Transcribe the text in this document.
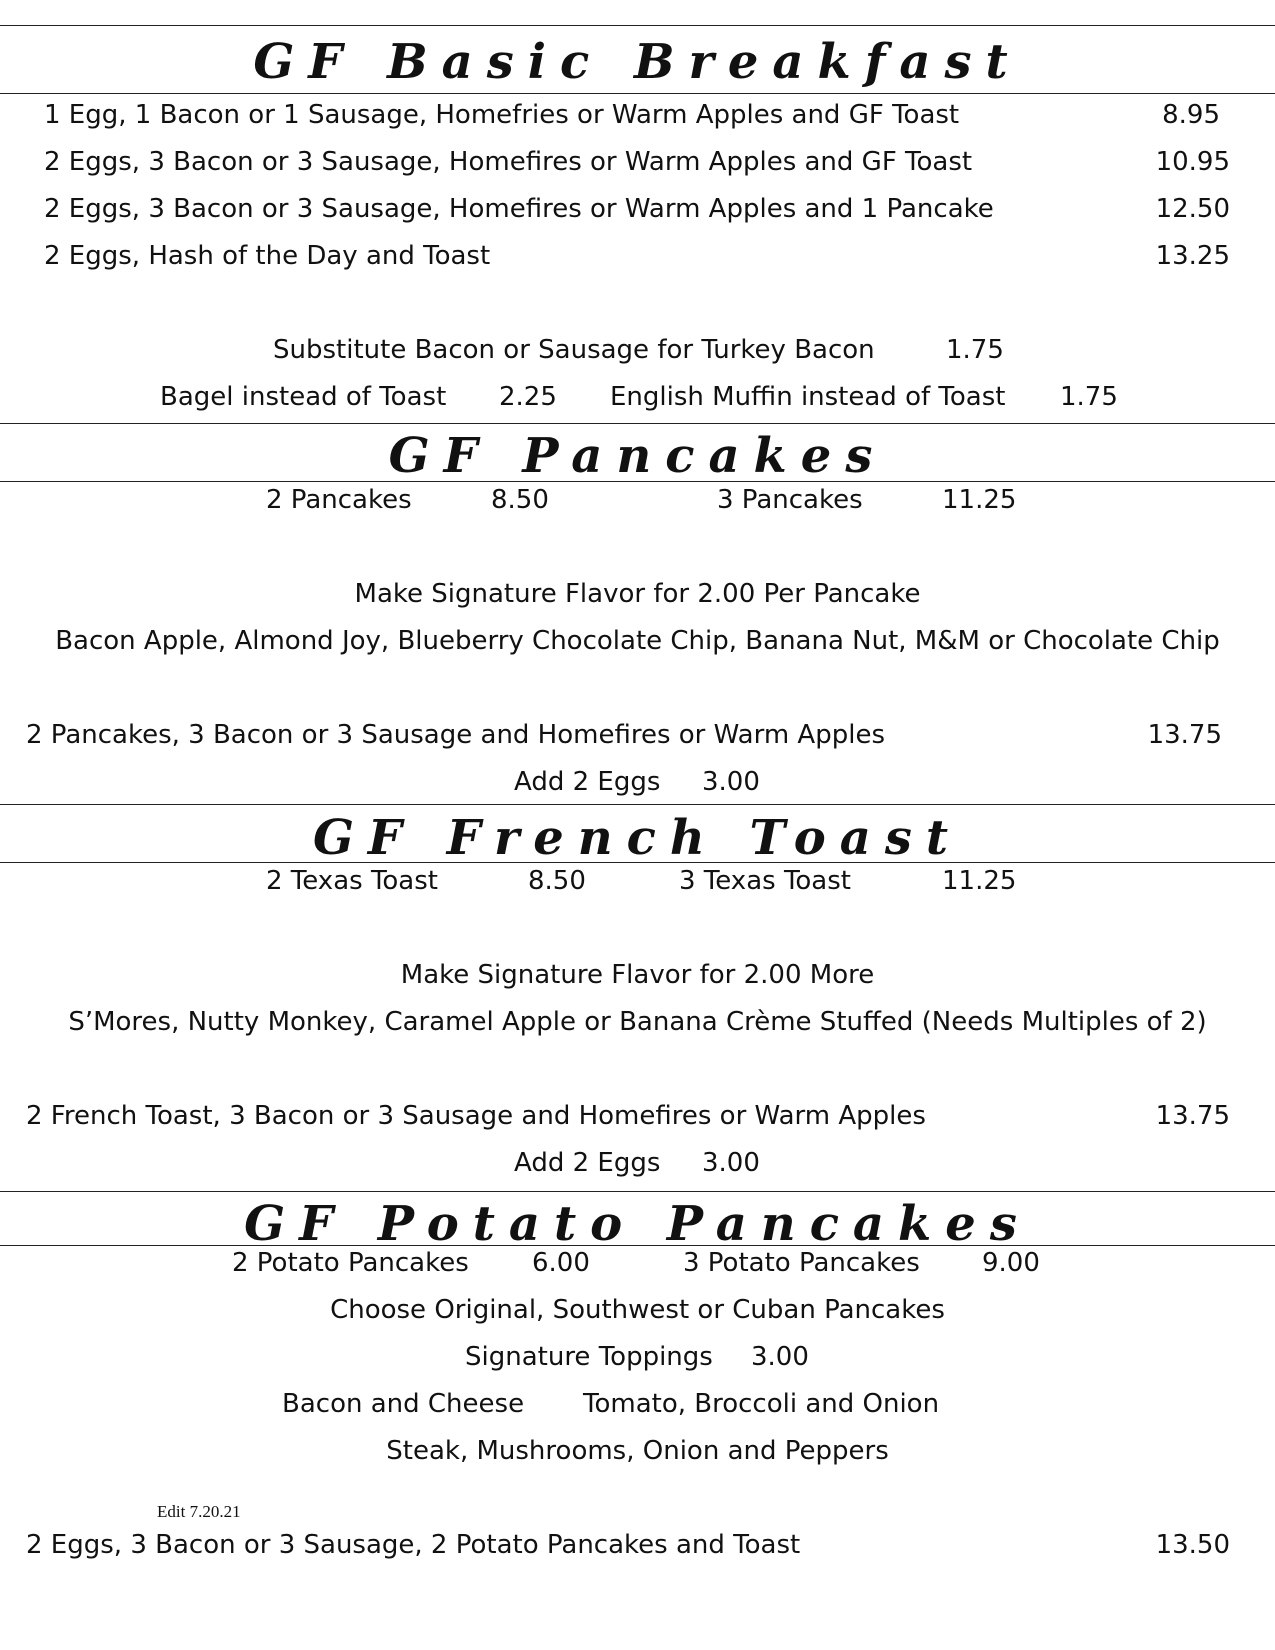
GF Basic Breakfast
1 Egg, 1 Bacon or 1 Sausage, Homefries or Warm Apples and GF Toast	8.95
2 Eggs, 3 Bacon or 3 Sausage, Homefires or Warm Apples and GF Toast	10.95
2 Eggs, 3 Bacon or 3 Sausage, Homefires or Warm Apples and 1 Pancake	12.50
2 Eggs, Hash of the Day and Toast	13.25
Substitute Bacon or Sausage for Turkey Bacon	1.75
Bagel instead of Toast 2.25 English Muffin instead of Toast 1.75
GF Pancakes
2 Pancakes	8.50	3 Pancakes	11.25
Make Signature Flavor for 2.00 Per Pancake
Bacon Apple, Almond Joy, Blueberry Chocolate Chip, Banana Nut, M&M or Chocolate Chip
2 Pancakes, 3 Bacon or 3 Sausage and Homefires or Warm Apples	13.75
Add 2 Eggs 3.00
GF French Toast
2 Texas Toast	8.50	3 Texas Toast	11.25
Make Signature Flavor for 2.00 More
S’Mores, Nutty Monkey, Caramel Apple or Banana Crème Stuffed (Needs Multiples of 2)
2 French Toast, 3 Bacon or 3 Sausage and Homefires or Warm Apples	13.75
Add 2 Eggs 3.00
GF Potato Pancakes
2 Potato Pancakes 6.00	3 Potato Pancakes 9.00
Choose Original, Southwest or Cuban Pancakes
Signature Toppings 3.00
Bacon and Cheese Tomato, Broccoli and Onion
Steak, Mushrooms, Onion and Peppers
Edit 7.20.21
2 Eggs, 3 Bacon or 3 Sausage, 2 Potato Pancakes and Toast	13.50
